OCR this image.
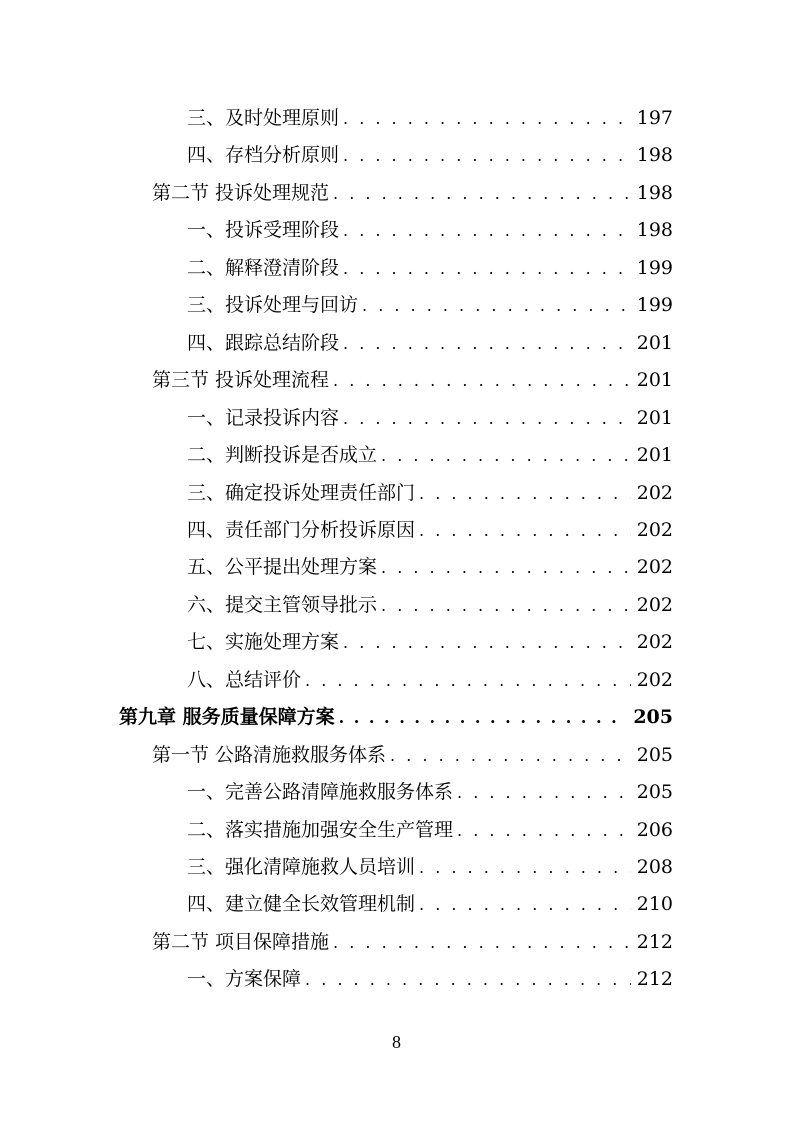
三、及时处理原则 . . .	197
四、存档分析原则 . . .	198
第二节 投诉处理规范 . . .	198
一、投诉受理阶段 . . .	198
二、解释澄清阶段 . . .	199
三、投诉处理与回访 . . .	199
四、跟踪总结阶段 . . .	201
第三节 投诉处理流程 . . .	201
一、记录投诉内容 . . .	201
二、判断投诉是否成立 . . .	201
三、确定投诉处理责任部门 . . .	202
四、责任部门分析投诉原因 . . .	202
五、公平提出处理方案 . . .	202
六、提交主管领导批示 . . .	202
七、实施处理方案 . . .	202
八、总结评价 . . .	202
第九章 服务质量保障方案 . . .	205
第一节 公路清施救服务体系 . . .	205
一、完善公路清障施救服务体系 . . .	205
二、落实措施加强安全生产管理 . . .	206
三、强化清障施救人员培训 . . .	208
四、建立健全长效管理机制 . . .	210
第二节 项目保障措施 . . .	212
一、方案保障 . . .	212
8
